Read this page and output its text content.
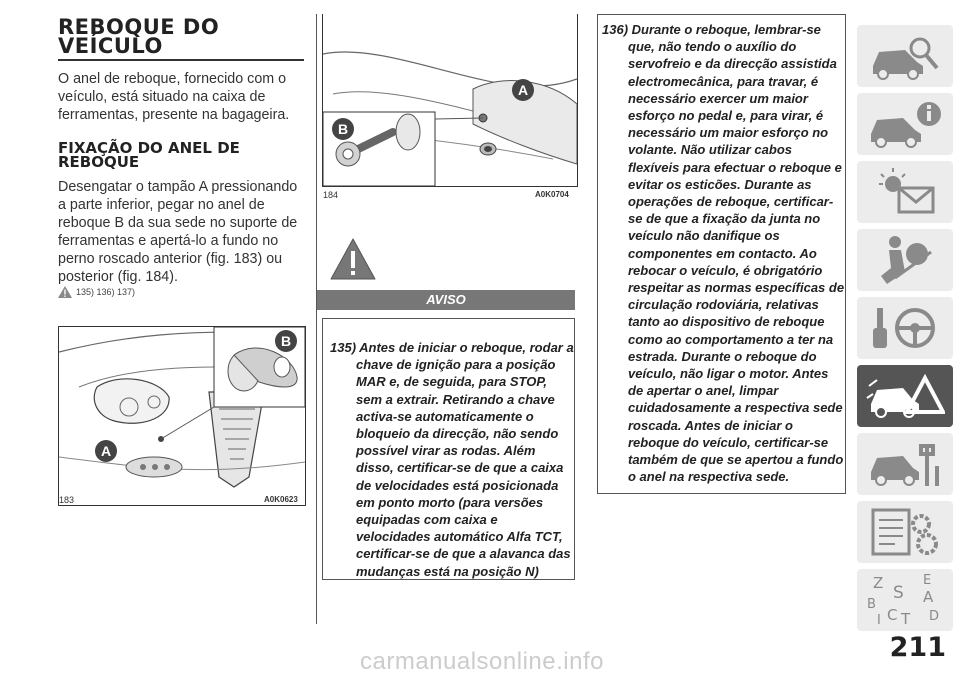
REBOQUE DO VEÍCULO
O anel de reboque, fornecido com o veículo, está situado na caixa de ferramentas, presente na bagageira.
FIXAÇÃO DO ANEL DE REBOQUE
Desengatar o tampão A pressionando a parte inferior, pegar no anel de reboque B da sua sede no suporte de ferramentas e apertá-lo a fundo no perno roscado anterior (fig. 183) ou posterior (fig. 184).
135) 136) 137)
A
B
183	A0K0623
B
A
184	A0K0704
AVISO

135) Antes de iniciar o reboque, rodar a chave de ignição para a posição MAR e, de seguida, para STOP, sem a extrair. Retirando a chave activa-se automaticamente o bloqueio da direcção, não sendo possível virar as rodas. Além disso, certificar-se de que a caixa de velocidades está posicionada em ponto morto (para versões equipadas com caixa e velocidades automático Alfa TCT, certificar-se de que a alavanca das mudanças está na posição N)

136) Durante o reboque, lembrar-se que, não tendo o auxílio do servofreio e da direcção assistida electromecânica, para travar, é necessário exercer um maior esforço no pedal e, para virar, é necessário um maior esforço no volante. Não utilizar cabos flexíveis para efectuar o reboque e evitar os esticões. Durante as operações de reboque, certificar-se de que a fixação da junta no veículo não danifique os componentes em contacto. Ao rebocar o veículo, é obrigatório respeitar as normas específicas de circulação rodoviária, relativas tanto ao dispositivo de reboque como ao comportamento a ter na estrada. Durante o reboque do veículo, não ligar o motor. Antes de apertar o anel, limpar cuidadosamente a respectiva sede roscada. Antes de iniciar o reboque do veículo, certificar-se também de que se apertou a fundo o anel na respectiva sede.

Z	E
S A
B
C T D
I
211
carmanualsonline.info
